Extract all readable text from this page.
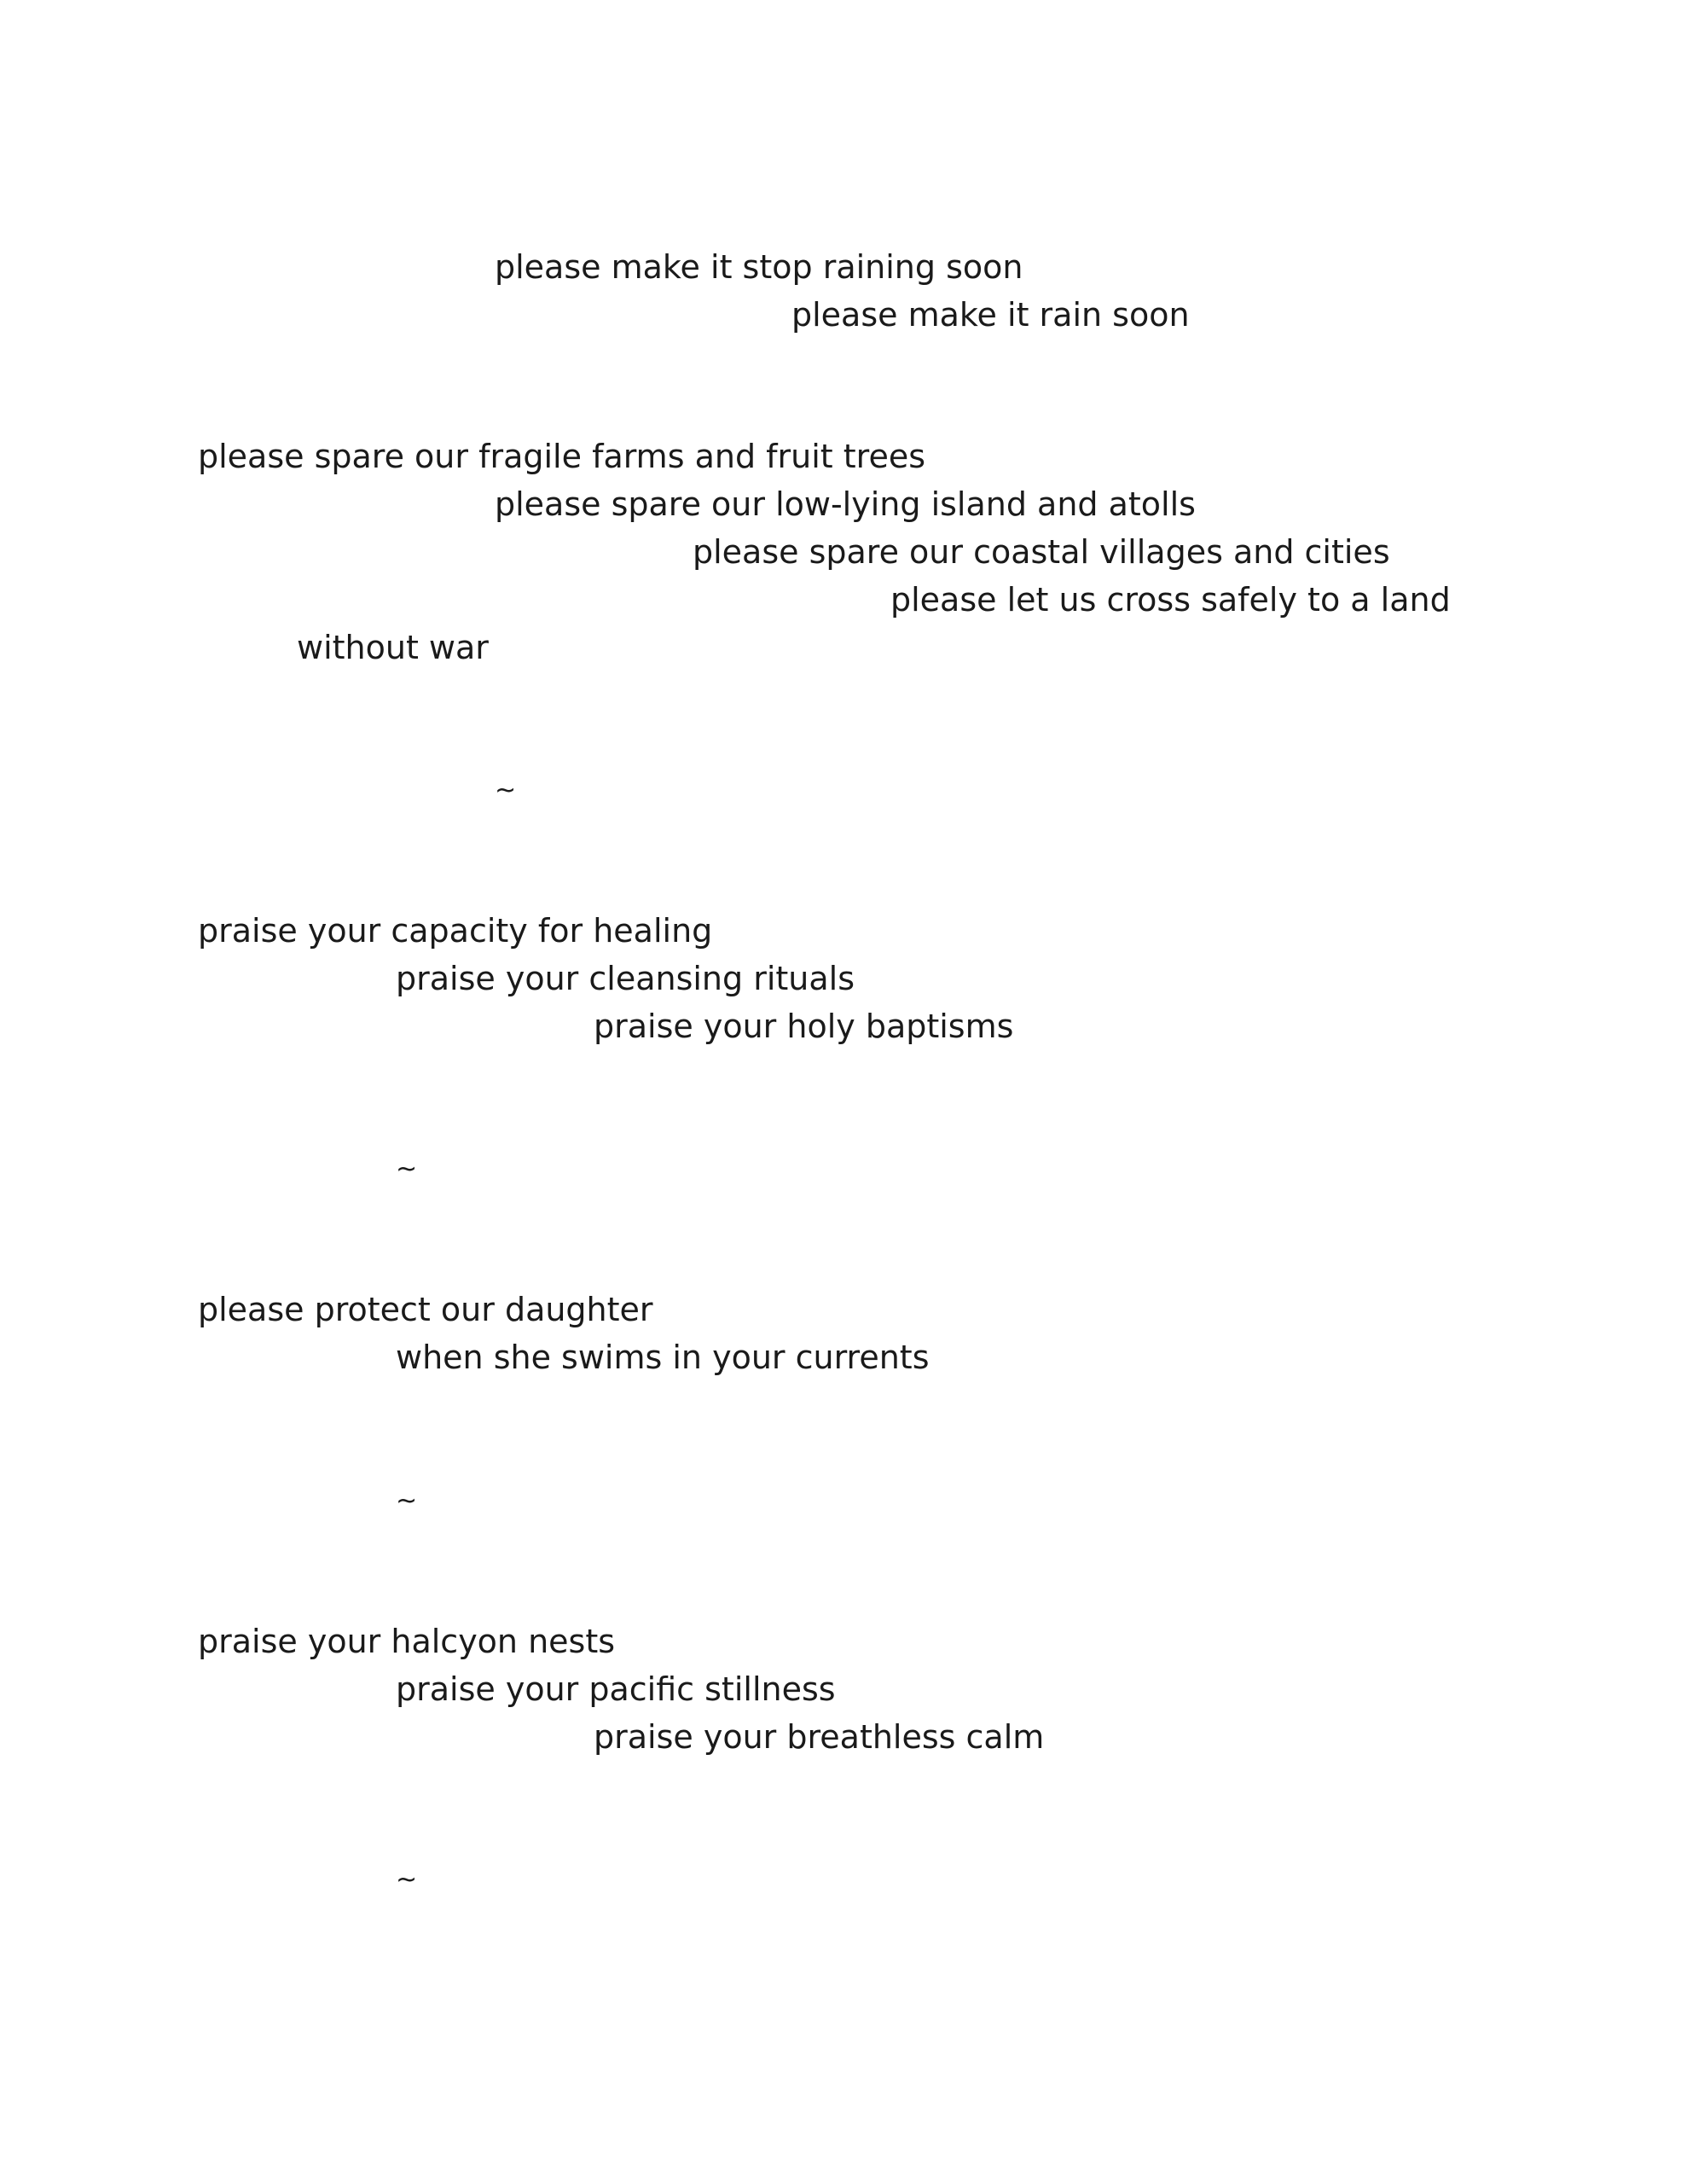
please make it stop raining soon

please make it rain soon

please spare our fragile farms and fruit trees

please spare our low-lying island and atolls

please spare our coastal villages and cities

please let us cross safely to a land

without war

~

praise your capacity for healing

praise your cleansing rituals

praise your holy baptisms

~

please protect our daughter

when she swims in your currents

~

praise your halcyon nests

praise your pacific stillness

praise your breathless calm

~
